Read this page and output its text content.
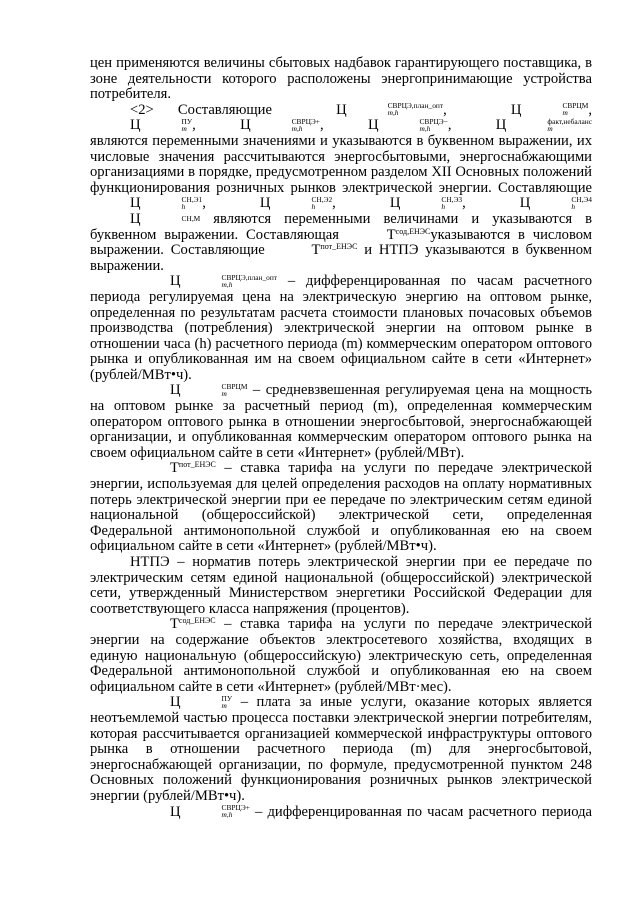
цен применяются величины сбытовых надбавок гарантирующего поставщика, в зоне деятельности которого расположены энергопринимающие устройства потребителя.

<2> Составляющие	Ц	СВРЦЭ,план_опт
m,h	,	Ц	СВРЦМ
m	, Ц	ПУ
m ,	Ц	СВРЦЭ+
m,h	,	Ц	СВРЦЭ−
m,h	,	Ц	факт,небаланс
m
являются переменными значениями и указываются в буквенном выражении, их числовые значения рассчитываются энергосбытовыми, энергоснабжающими организациями в порядке, предусмотренном разделом XII Основных положений функционирования розничных рынков электрической энергии. Составляющие Ц	СН,Э1
h	,	Ц	СН,Э2
h	,	Ц	СН,Э3
h	,	Ц	СН,Э4
h
Ц	СН,М являются переменными величинами и указываются в буквенном выражении. Составляющая	$Т^{сод,ЕНЭС}указываются$ в числовом выражении. Составляющие	$Т^{пот\_ЕНЭС}$ и НТПЭ указываются в буквенном выражении.

Ц	СВРЦЭ,план_опт
m,h	– дифференцированная по часам расчетного периода регулируемая цена на электрическую энергию на оптовом рынке, определенная по результатам расчета стоимости плановых почасовых объемов производства (потребления) электрической энергии на оптовом рынке в отношении часа (h) расчетного периода (m) коммерческим оператором оптового рынка и опубликованная им на своем официальном сайте в сети «Интернет» (рублей/МВт•ч).

Ц	СВРЦМ
m	– средневзвешенная регулируемая цена на мощность на оптовом рынке за расчетный период (m), определенная коммерческим оператором оптового рынка в отношении энергосбытовой, энергоснабжающей организации, и опубликованная коммерческим оператором оптового рынка на своем официальном сайте в сети «Интернет» (рублей/МВт).

$Т^{пот\_ЕНЭС}$ – ставка тарифа на услуги по передаче электрической энергии, используемая для целей определения расходов на оплату нормативных потерь электрической энергии при ее передаче по электрическим сетям единой национальной (общероссийской) электрической сети, определенная Федеральной антимонопольной службой и опубликованная ею на своем официальном сайте в сети «Интернет» (рублей/МВт•ч).

НТПЭ – норматив потерь электрической энергии при ее передаче по электрическим сетям единой национальной (общероссийской) электрической сети, утвержденный Министерством энергетики Российской Федерации для соответствующего класса напряжения (процентов).

$Т^{сод\_ЕНЭС}$ – ставка тарифа на услуги по передаче электрической энергии на содержание объектов электросетевого хозяйства, входящих в единую национальную (общероссийскую) электрическую сеть, определенная Федеральной антимонопольной службой и опубликованная ею на своем официальном сайте в сети «Интернет» (рублей/МВт·мес).

Ц	ПУ
m – плата за иные услуги, оказание которых является неотъемлемой частью процесса поставки электрической энергии потребителям, которая рассчитывается организацией коммерческой инфраструктуры оптового рынка в отношении расчетного периода (m) для энергосбытовой, энергоснабжающей организации, по формуле, предусмотренной пунктом 248 Основных положений функционирования розничных рынков электрической энергии (рублей/МВт•ч).

Ц	СВРЦЭ+
m,h	– дифференцированная по часам расчетного периода
